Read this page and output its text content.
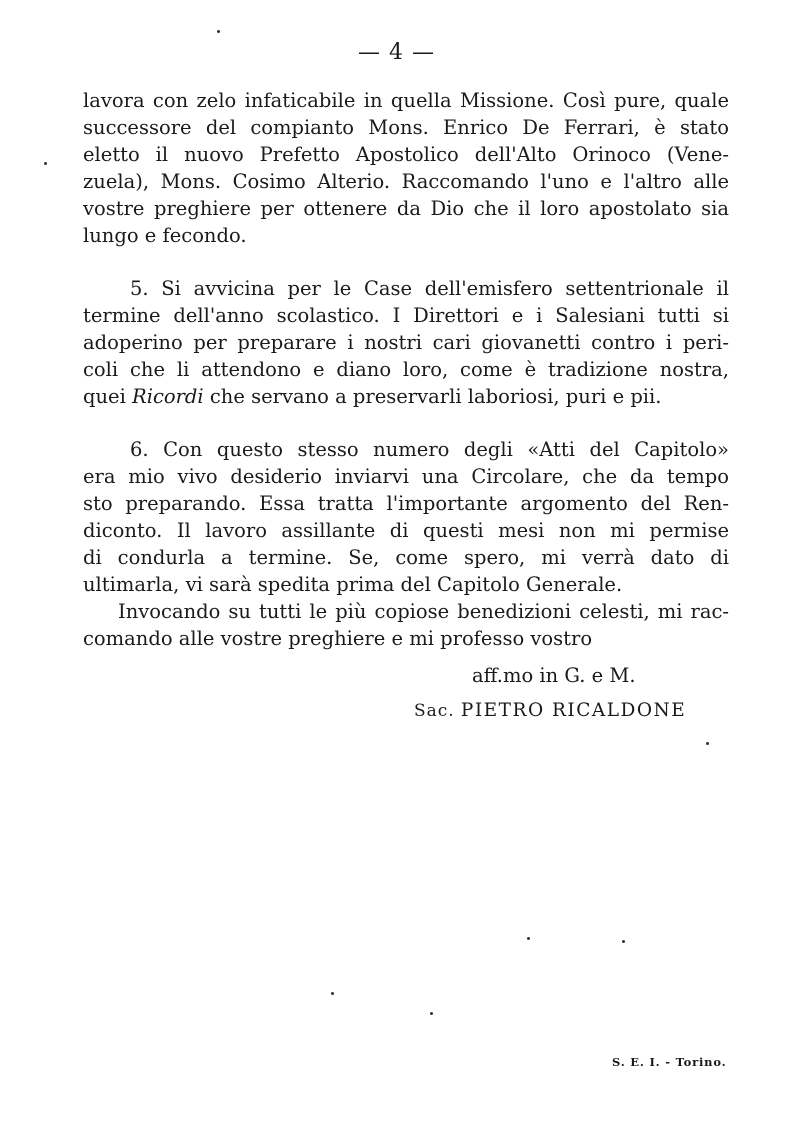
— 4 —
lavora con zelo infaticabile in quella Missione. Così pure, quale
successore del compianto Mons. Enrico De Ferrari, è stato
eletto il nuovo Prefetto Apostolico dell'Alto Orinoco (Vene-
zuela), Mons. Cosimo Alterio. Raccomando l'uno e l'altro alle
vostre preghiere per ottenere da Dio che il loro apostolato sia
lungo e fecondo.
5. Si avvicina per le Case dell'emisfero settentrionale il
termine dell'anno scolastico. I Direttori e i Salesiani tutti si
adoperino per preparare i nostri cari giovanetti contro i peri-
coli che li attendono e diano loro, come è tradizione nostra,
quei Ricordi che servano a preservarli laboriosi, puri e pii.
6. Con questo stesso numero degli «Atti del Capitolo»
era mio vivo desiderio inviarvi una Circolare, che da tempo
sto preparando. Essa tratta l'importante argomento del Ren-
diconto. Il lavoro assillante di questi mesi non mi permise
di condurla a termine. Se, come spero, mi verrà dato di
ultimarla, vi sarà spedita prima del Capitolo Generale.
Invocando su tutti le più copiose benedizioni celesti, mi rac-
comando alle vostre preghiere e mi professo vostro
aff.mo in G. e M.
Sac. PIETRO RICALDONE
S. E. I. - Torino.
